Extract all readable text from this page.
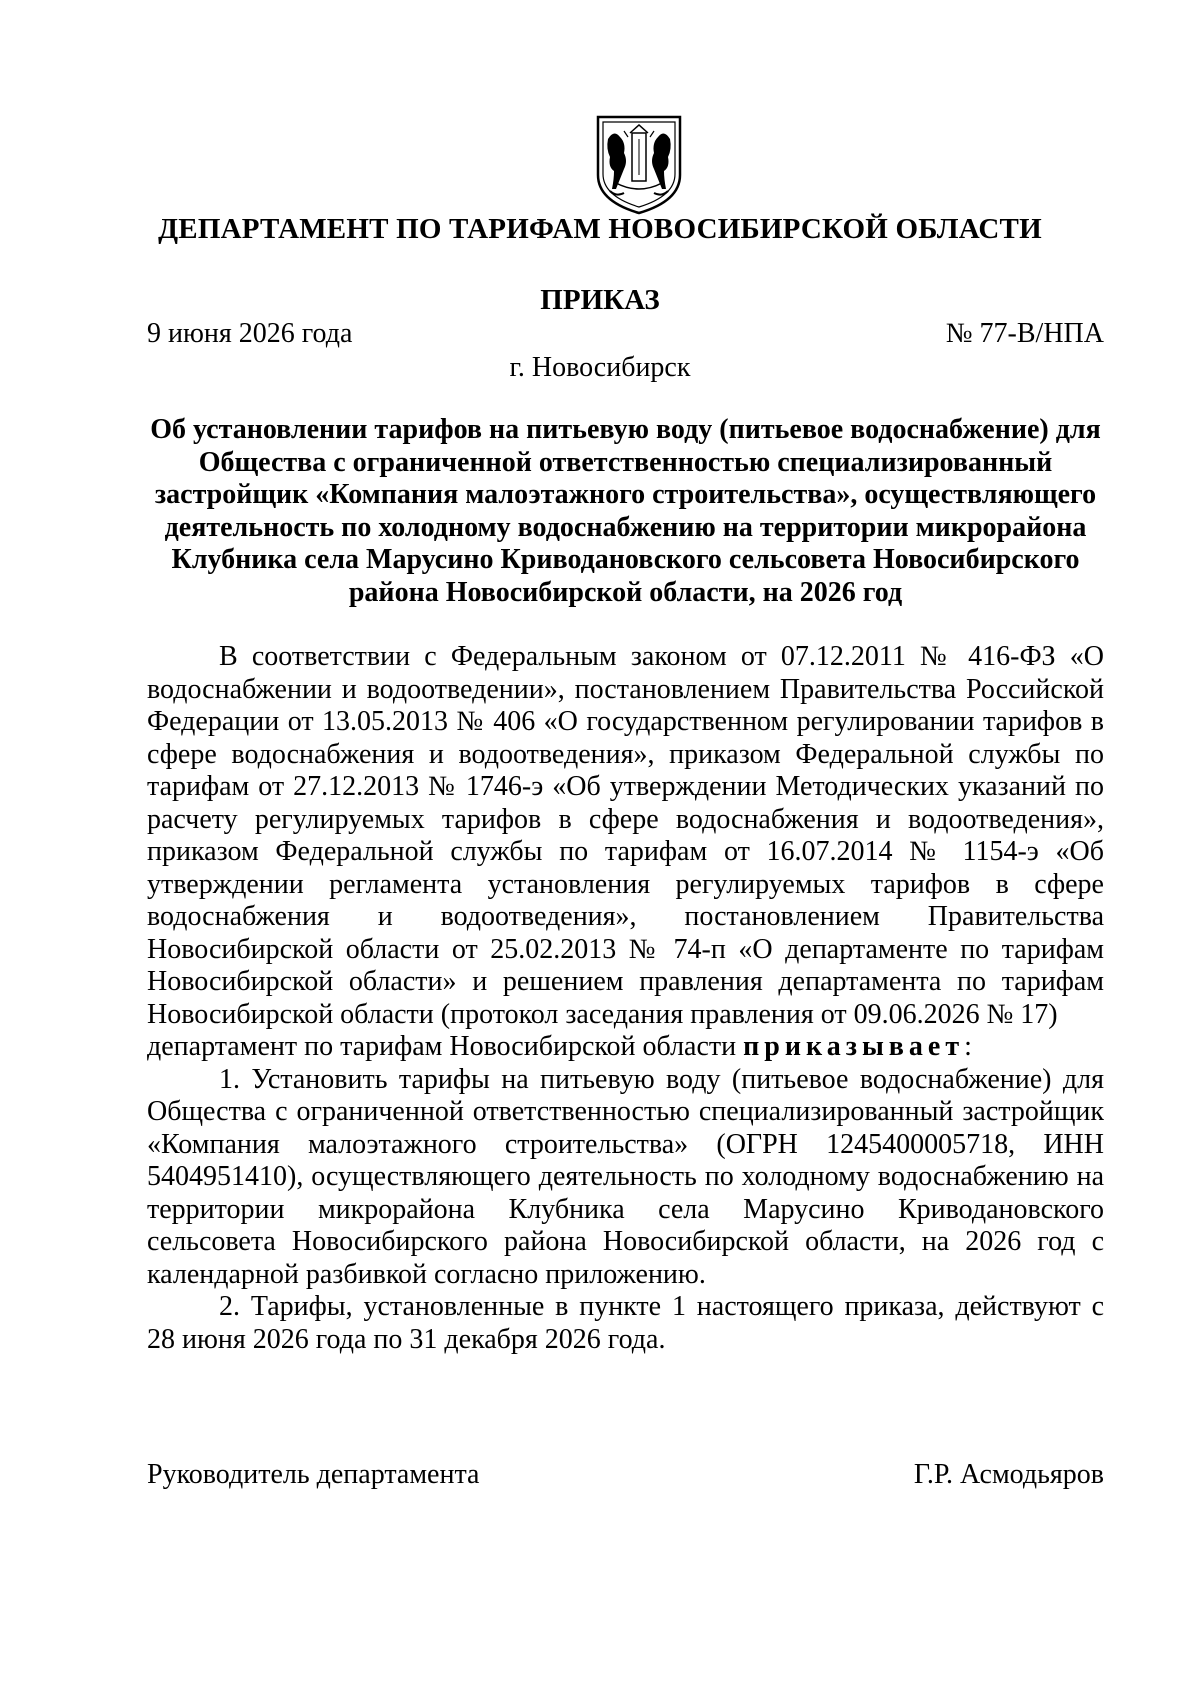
ДЕПАРТАМЕНТ ПО ТАРИФАМ НОВОСИБИРСКОЙ ОБЛАСТИ
ПРИКАЗ
9 июня 2026 года	№ 77-В/НПА
г. Новосибирск
Об установлении тарифов на питьевую воду (питьевое водоснабжение) для Общества с ограниченной ответственностью специализированный застройщик «Компания малоэтажного строительства», осуществляющего деятельность по холодному водоснабжению на территории микрорайона Клубника села Марусино Криводановского сельсовета Новосибирского района Новосибирской области, на 2026 год

В соответствии с Федеральным законом от 07.12.2011 № 416-ФЗ «О водоснабжении и водоотведении», постановлением Правительства Российской Федерации от 13.05.2013 № 406 «О государственном регулировании тарифов в сфере водоснабжения и водоотведения», приказом Федеральной службы по тарифам от 27.12.2013 № 1746-э «Об утверждении Методических указаний по расчету регулируемых тарифов в сфере водоснабжения и водоотведения», приказом Федеральной службы по тарифам от 16.07.2014 № 1154-э «Об утверждении регламента установления регулируемых тарифов в сфере водоснабжения и водоотведения», постановлением Правительства Новосибирской области от 25.02.2013 № 74-п «О департаменте по тарифам Новосибирской области» и решением правления департамента по тарифам Новосибирской области (протокол заседания правления от 09.06.2026 № 17)

департамент по тарифам Новосибирской области приказывает:

1. Установить тарифы на питьевую воду (питьевое водоснабжение) для Общества с ограниченной ответственностью специализированный застройщик «Компания малоэтажного строительства» (ОГРН 1245400005718, ИНН 5404951410), осуществляющего деятельность по холодному водоснабжению на территории микрорайона Клубника села Марусино Криводановского сельсовета Новосибирского района Новосибирской области, на 2026 год с календарной разбивкой согласно приложению.

2. Тарифы, установленные в пункте 1 настоящего приказа, действуют с 28 июня 2026 года по 31 декабря 2026 года.

Руководитель департамента	Г.Р. Асмодьяров
